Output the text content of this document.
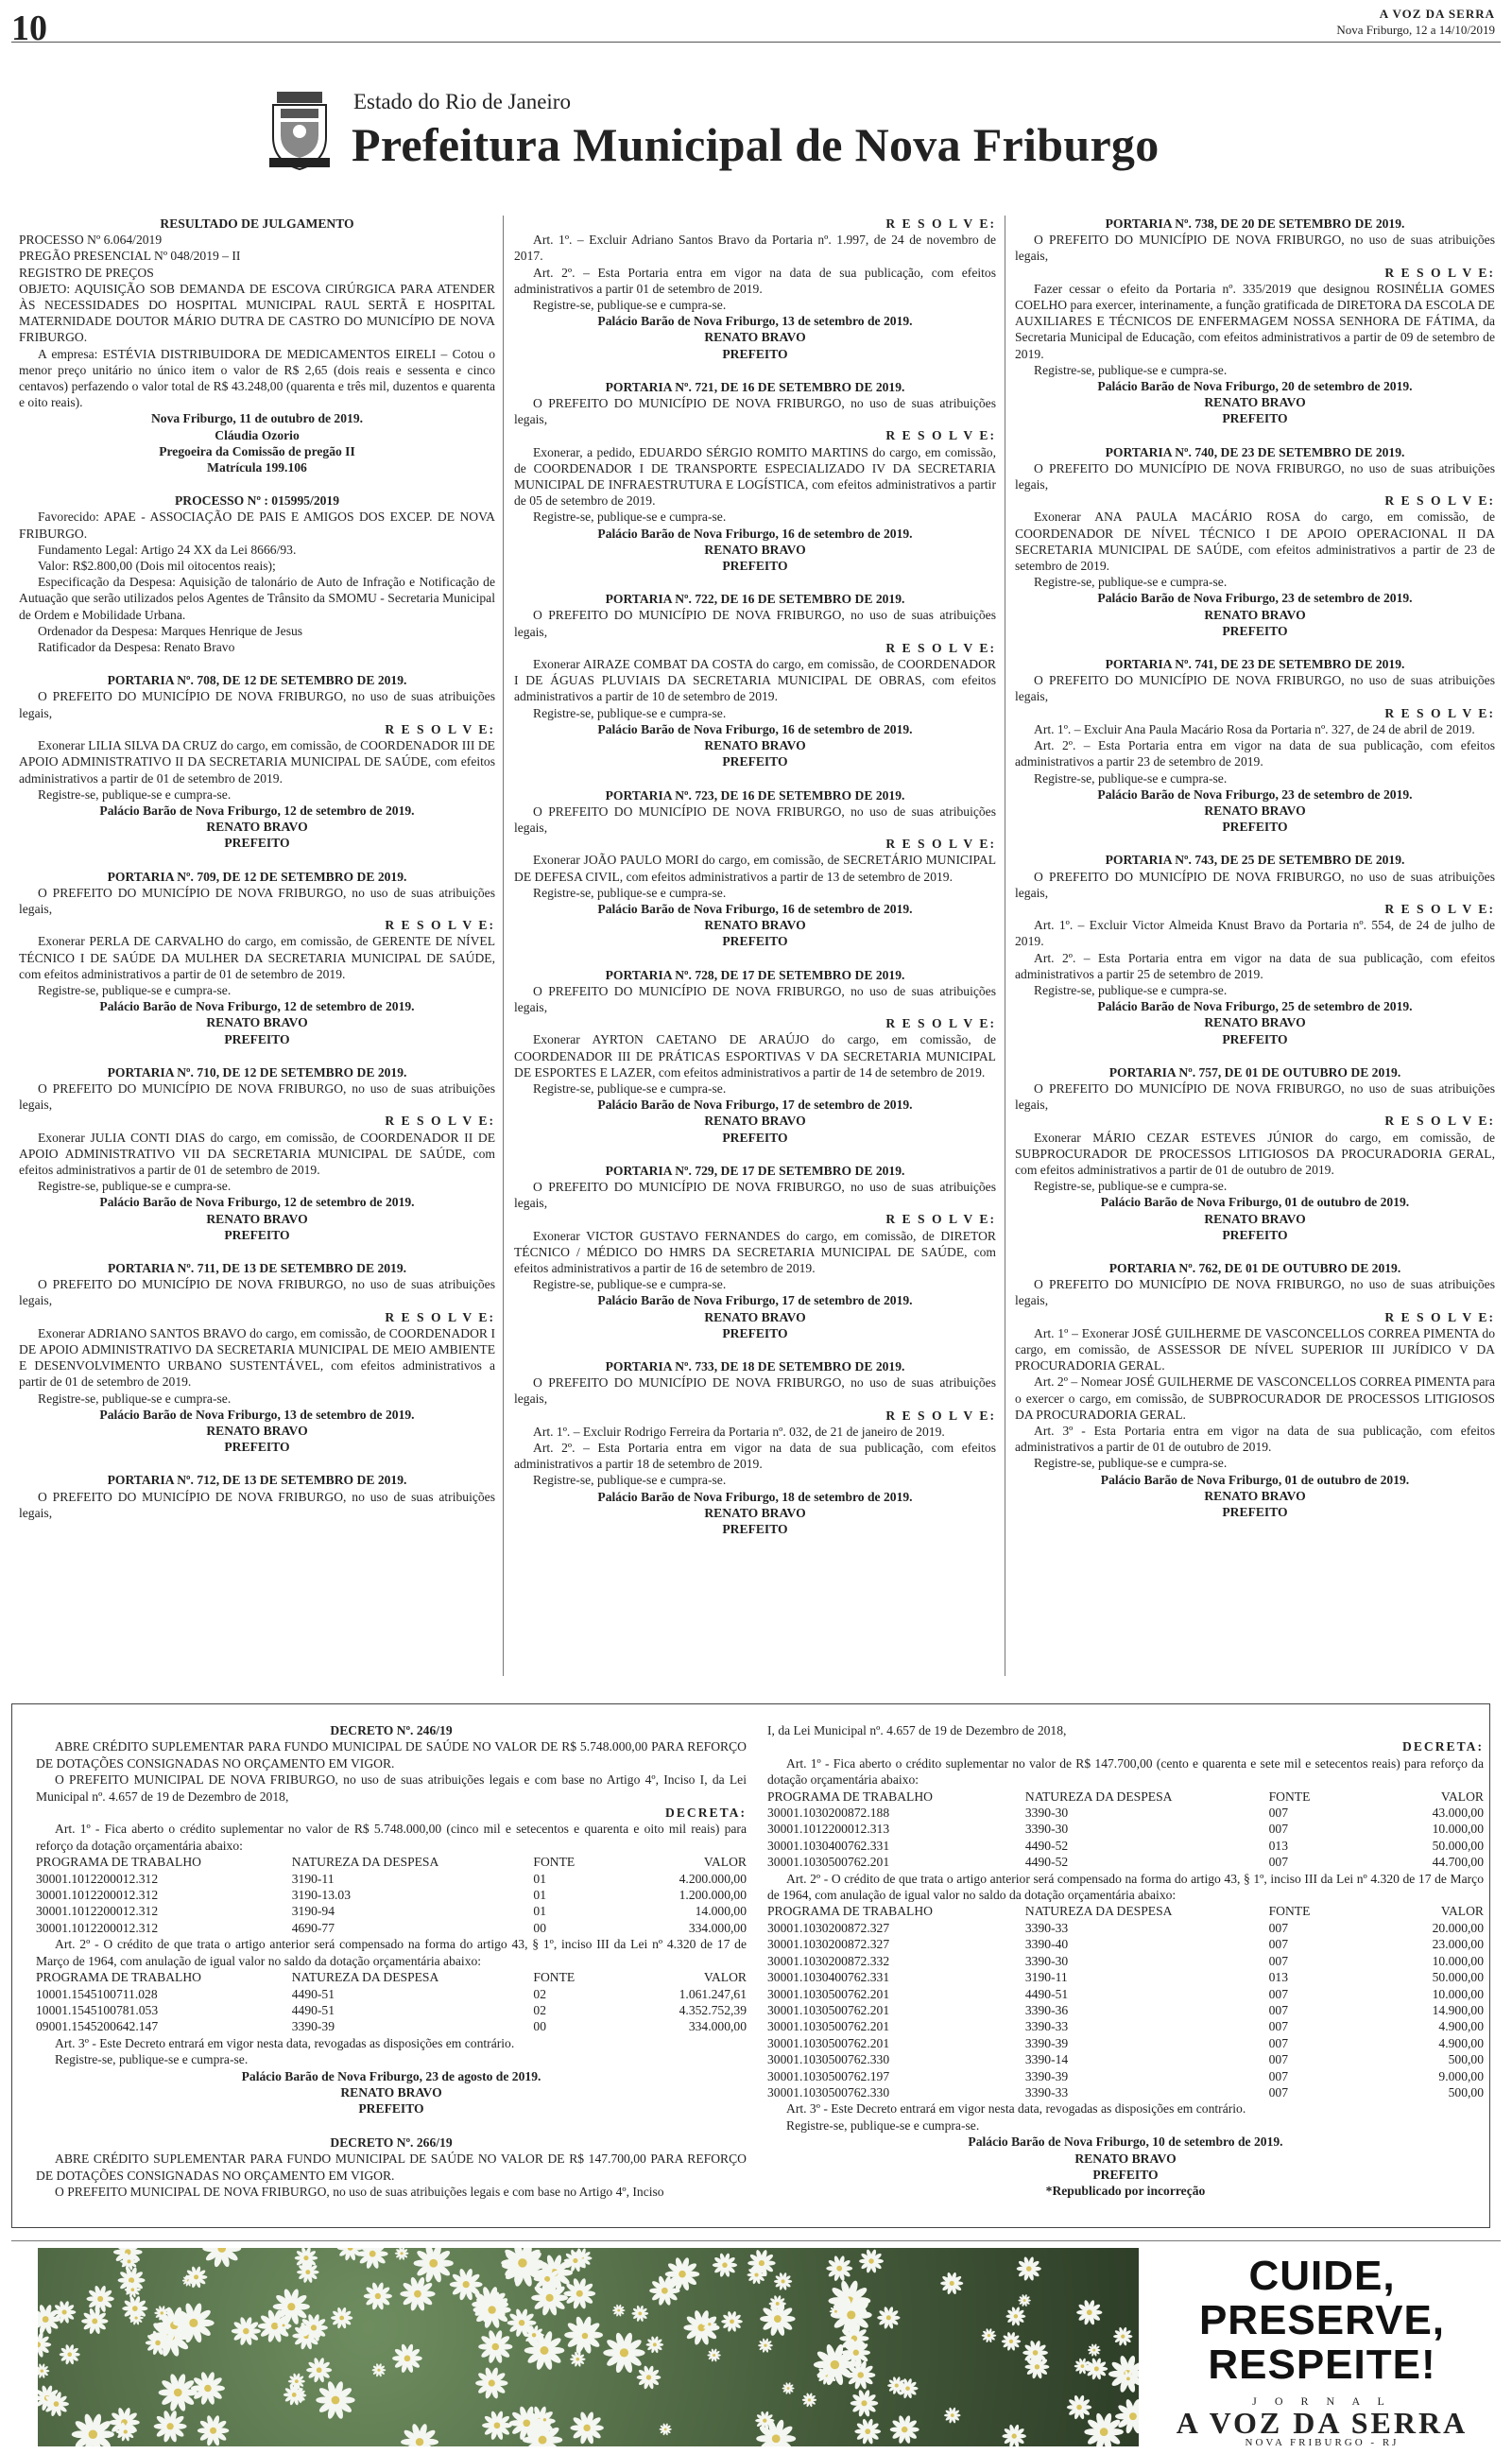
10	A VOZ DA SERRA
Nova Friburgo, 12 a 14/10/2019
Estado do Rio de Janeiro
Prefeitura Municipal de Nova Friburgo

RESULTADO DE JULGAMENTO

PROCESSO Nº 6.064/2019

PREGÃO PRESENCIAL Nº 048/2019 – II

REGISTRO DE PREÇOS

OBJETO: AQUISIÇÃO SOB DEMANDA DE ESCOVA CIRÚRGICA PARA ATENDER ÀS NECESSIDADES DO HOSPITAL MUNICIPAL RAUL SERTÃ E HOSPITAL MATERNIDADE DOUTOR MÁRIO DUTRA DE CASTRO DO MUNICÍPIO DE NOVA FRIBURGO.

A empresa: ESTÉVIA DISTRIBUIDORA DE MEDICAMENTOS EIRELI – Cotou o menor preço unitário no único item o valor de R$ 2,65 (dois reais e sessenta e cinco centavos) perfazendo o valor total de R$ 43.248,00 (quarenta e três mil, duzentos e quarenta e oito reais).

Nova Friburgo, 11 de outubro de 2019.

Cláudia Ozorio

Pregoeira da Comissão de pregão II

Matrícula 199.106

PROCESSO Nº : 015995/2019

Favorecido: APAE - ASSOCIAÇÃO DE PAIS E AMIGOS DOS EXCEP. DE NOVA FRIBURGO.

Fundamento Legal: Artigo 24 XX da Lei 8666/93.

Valor: R$2.800,00 (Dois mil oitocentos reais);

Especificação da Despesa: Aquisição de talonário de Auto de Infração e Notificação de Autuação que serão utilizados pelos Agentes de Trânsito da SMOMU - Secretaria Municipal de Ordem e Mobilidade Urbana.

Ordenador da Despesa: Marques Henrique de Jesus

Ratificador da Despesa: Renato Bravo

PORTARIA Nº. 708, DE 12 DE SETEMBRO DE 2019.

O PREFEITO DO MUNICÍPIO DE NOVA FRIBURGO, no uso de suas atribuições legais,

R E S O L V E:

Exonerar LILIA SILVA DA CRUZ do cargo, em comissão, de COORDENADOR III DE APOIO ADMINISTRATIVO II DA SECRETARIA MUNICIPAL DE SAÚDE, com efeitos administrativos a partir de 01 de setembro de 2019.

Registre-se, publique-se e cumpra-se.

Palácio Barão de Nova Friburgo, 12 de setembro de 2019.

RENATO BRAVO

PREFEITO

PORTARIA Nº. 709, DE 12 DE SETEMBRO DE 2019.

O PREFEITO DO MUNICÍPIO DE NOVA FRIBURGO, no uso de suas atribuições legais,

R E S O L V E:

Exonerar PERLA DE CARVALHO do cargo, em comissão, de GERENTE DE NÍVEL TÉCNICO I DE SAÚDE DA MULHER DA SECRETARIA MUNICIPAL DE SAÚDE, com efeitos administrativos a partir de 01 de setembro de 2019.

Registre-se, publique-se e cumpra-se.

Palácio Barão de Nova Friburgo, 12 de setembro de 2019.

RENATO BRAVO

PREFEITO

PORTARIA Nº. 710, DE 12 DE SETEMBRO DE 2019.

O PREFEITO DO MUNICÍPIO DE NOVA FRIBURGO, no uso de suas atribuições legais,

R E S O L V E:

Exonerar JULIA CONTI DIAS do cargo, em comissão, de COORDENADOR II DE APOIO ADMINISTRATIVO VII DA SECRETARIA MUNICIPAL DE SAÚDE, com efeitos administrativos a partir de 01 de setembro de 2019.

Registre-se, publique-se e cumpra-se.

Palácio Barão de Nova Friburgo, 12 de setembro de 2019.

RENATO BRAVO

PREFEITO

PORTARIA Nº. 711, DE 13 DE SETEMBRO DE 2019.

O PREFEITO DO MUNICÍPIO DE NOVA FRIBURGO, no uso de suas atribuições legais,

R E S O L V E:

Exonerar ADRIANO SANTOS BRAVO do cargo, em comissão, de COORDENADOR I DE APOIO ADMINISTRATIVO DA SECRETARIA MUNICIPAL DE MEIO AMBIENTE E DESENVOLVIMENTO URBANO SUSTENTÁVEL, com efeitos administrativos a partir de 01 de setembro de 2019.

Registre-se, publique-se e cumpra-se.

Palácio Barão de Nova Friburgo, 13 de setembro de 2019.

RENATO BRAVO

PREFEITO

PORTARIA Nº. 712, DE 13 DE SETEMBRO DE 2019.

O PREFEITO DO MUNICÍPIO DE NOVA FRIBURGO, no uso de suas atribuições legais,

R E S O L V E:

Art. 1º. – Excluir Adriano Santos Bravo da Portaria nº. 1.997, de 24 de novembro de 2017.

Art. 2º. – Esta Portaria entra em vigor na data de sua publicação, com efeitos administrativos a partir 01 de setembro de 2019.

Registre-se, publique-se e cumpra-se.

Palácio Barão de Nova Friburgo, 13 de setembro de 2019.

RENATO BRAVO

PREFEITO

PORTARIA Nº. 721, DE 16 DE SETEMBRO DE 2019.

O PREFEITO DO MUNICÍPIO DE NOVA FRIBURGO, no uso de suas atribuições legais,

R E S O L V E:

Exonerar, a pedido, EDUARDO SÉRGIO ROMITO MARTINS do cargo, em comissão, de COORDENADOR I DE TRANSPORTE ESPECIALIZADO IV DA SECRETARIA MUNICIPAL DE INFRAESTRUTURA E LOGÍSTICA, com efeitos administrativos a partir de 05 de setembro de 2019.

Registre-se, publique-se e cumpra-se.

Palácio Barão de Nova Friburgo, 16 de setembro de 2019.

RENATO BRAVO

PREFEITO

PORTARIA Nº. 722, DE 16 DE SETEMBRO DE 2019.

O PREFEITO DO MUNICÍPIO DE NOVA FRIBURGO, no uso de suas atribuições legais,

R E S O L V E:

Exonerar AIRAZE COMBAT DA COSTA do cargo, em comissão, de COORDENADOR I DE ÁGUAS PLUVIAIS DA SECRETARIA MUNICIPAL DE OBRAS, com efeitos administrativos a partir de 10 de setembro de 2019.

Registre-se, publique-se e cumpra-se.

Palácio Barão de Nova Friburgo, 16 de setembro de 2019.

RENATO BRAVO

PREFEITO

PORTARIA Nº. 723, DE 16 DE SETEMBRO DE 2019.

O PREFEITO DO MUNICÍPIO DE NOVA FRIBURGO, no uso de suas atribuições legais,

R E S O L V E:

Exonerar JOÃO PAULO MORI do cargo, em comissão, de SECRETÁRIO MUNICIPAL DE DEFESA CIVIL, com efeitos administrativos a partir de 13 de setembro de 2019.

Registre-se, publique-se e cumpra-se.

Palácio Barão de Nova Friburgo, 16 de setembro de 2019.

RENATO BRAVO

PREFEITO

PORTARIA Nº. 728, DE 17 DE SETEMBRO DE 2019.

O PREFEITO DO MUNICÍPIO DE NOVA FRIBURGO, no uso de suas atribuições legais,

R E S O L V E:

Exonerar AYRTON CAETANO DE ARAÚJO do cargo, em comissão, de COORDENADOR III DE PRÁTICAS ESPORTIVAS V DA SECRETARIA MUNICIPAL DE ESPORTES E LAZER, com efeitos administrativos a partir de 14 de setembro de 2019.

Registre-se, publique-se e cumpra-se.

Palácio Barão de Nova Friburgo, 17 de setembro de 2019.

RENATO BRAVO

PREFEITO

PORTARIA Nº. 729, DE 17 DE SETEMBRO DE 2019.

O PREFEITO DO MUNICÍPIO DE NOVA FRIBURGO, no uso de suas atribuições legais,

R E S O L V E:

Exonerar VICTOR GUSTAVO FERNANDES do cargo, em comissão, de DIRETOR TÉCNICO / MÉDICO DO HMRS DA SECRETARIA MUNICIPAL DE SAÚDE, com efeitos administrativos a partir de 16 de setembro de 2019.

Registre-se, publique-se e cumpra-se.

Palácio Barão de Nova Friburgo, 17 de setembro de 2019.

RENATO BRAVO

PREFEITO

PORTARIA Nº. 733, DE 18 DE SETEMBRO DE 2019.

O PREFEITO DO MUNICÍPIO DE NOVA FRIBURGO, no uso de suas atribuições legais,

R E S O L V E:

Art. 1º. – Excluir Rodrigo Ferreira da Portaria nº. 032, de 21 de janeiro de 2019.

Art. 2º. – Esta Portaria entra em vigor na data de sua publicação, com efeitos administrativos a partir 18 de setembro de 2019.

Registre-se, publique-se e cumpra-se.

Palácio Barão de Nova Friburgo, 18 de setembro de 2019.

RENATO BRAVO

PREFEITO

PORTARIA Nº. 738, DE 20 DE SETEMBRO DE 2019.

O PREFEITO DO MUNICÍPIO DE NOVA FRIBURGO, no uso de suas atribuições legais,

R E S O L V E:

Fazer cessar o efeito da Portaria nº. 335/2019 que designou ROSINÉLIA GOMES COELHO para exercer, interinamente, a função gratificada de DIRETORA DA ESCOLA DE AUXILIARES E TÉCNICOS DE ENFERMAGEM NOSSA SENHORA DE FÁTIMA, da Secretaria Municipal de Educação, com efeitos administrativos a partir de 09 de setembro de 2019.

Registre-se, publique-se e cumpra-se.

Palácio Barão de Nova Friburgo, 20 de setembro de 2019.

RENATO BRAVO

PREFEITO

PORTARIA Nº. 740, DE 23 DE SETEMBRO DE 2019.

O PREFEITO DO MUNICÍPIO DE NOVA FRIBURGO, no uso de suas atribuições legais,

R E S O L V E:

Exonerar ANA PAULA MACÁRIO ROSA do cargo, em comissão, de COORDENADOR DE NÍVEL TÉCNICO I DE APOIO OPERACIONAL II DA SECRETARIA MUNICIPAL DE SAÚDE, com efeitos administrativos a partir de 23 de setembro de 2019.

Registre-se, publique-se e cumpra-se.

Palácio Barão de Nova Friburgo, 23 de setembro de 2019.

RENATO BRAVO

PREFEITO

PORTARIA Nº. 741, DE 23 DE SETEMBRO DE 2019.

O PREFEITO DO MUNICÍPIO DE NOVA FRIBURGO, no uso de suas atribuições legais,

R E S O L V E:

Art. 1º. – Excluir Ana Paula Macário Rosa da Portaria nº. 327, de 24 de abril de 2019.

Art. 2º. – Esta Portaria entra em vigor na data de sua publicação, com efeitos administrativos a partir 23 de setembro de 2019.

Registre-se, publique-se e cumpra-se.

Palácio Barão de Nova Friburgo, 23 de setembro de 2019.

RENATO BRAVO

PREFEITO

PORTARIA Nº. 743, DE 25 DE SETEMBRO DE 2019.

O PREFEITO DO MUNICÍPIO DE NOVA FRIBURGO, no uso de suas atribuições legais,

R E S O L V E:

Art. 1º. – Excluir Victor Almeida Knust Bravo da Portaria nº. 554, de 24 de julho de 2019.

Art. 2º. – Esta Portaria entra em vigor na data de sua publicação, com efeitos administrativos a partir 25 de setembro de 2019.

Registre-se, publique-se e cumpra-se.

Palácio Barão de Nova Friburgo, 25 de setembro de 2019.

RENATO BRAVO

PREFEITO

PORTARIA Nº. 757, DE 01 DE OUTUBRO DE 2019.

O PREFEITO DO MUNICÍPIO DE NOVA FRIBURGO, no uso de suas atribuições legais,

R E S O L V E:

Exonerar MÁRIO CEZAR ESTEVES JÚNIOR do cargo, em comissão, de SUBPROCURADOR DE PROCESSOS LITIGIOSOS DA PROCURADORIA GERAL, com efeitos administrativos a partir de 01 de outubro de 2019.

Registre-se, publique-se e cumpra-se.

Palácio Barão de Nova Friburgo, 01 de outubro de 2019.

RENATO BRAVO

PREFEITO

PORTARIA Nº. 762, DE 01 DE OUTUBRO DE 2019.

O PREFEITO DO MUNICÍPIO DE NOVA FRIBURGO, no uso de suas atribuições legais,

R E S O L V E:

Art. 1º – Exonerar JOSÉ GUILHERME DE VASCONCELLOS CORREA PIMENTA do cargo, em comissão, de ASSESSOR DE NÍVEL SUPERIOR III JURÍDICO V DA PROCURADORIA GERAL.

Art. 2º – Nomear JOSÉ GUILHERME DE VASCONCELLOS CORREA PIMENTA para o exercer o cargo, em comissão, de SUBPROCURADOR DE PROCESSOS LITIGIOSOS DA PROCURADORIA GERAL.

Art. 3º - Esta Portaria entra em vigor na data de sua publicação, com efeitos administrativos a partir de 01 de outubro de 2019.

Registre-se, publique-se e cumpra-se.

Palácio Barão de Nova Friburgo, 01 de outubro de 2019.

RENATO BRAVO

PREFEITO

DECRETO Nº. 246/19

ABRE CRÉDITO SUPLEMENTAR PARA FUNDO MUNICIPAL DE SAÚDE NO VALOR DE R$ 5.748.000,00 PARA REFORÇO DE DOTAÇÕES CONSIGNADAS NO ORÇAMENTO EM VIGOR.

O PREFEITO MUNICIPAL DE NOVA FRIBURGO, no uso de suas atribuições legais e com base no Artigo 4º, Inciso I, da Lei Municipal nº. 4.657 de 19 de Dezembro de 2018,

DECRETA:

Art. 1º - Fica aberto o crédito suplementar no valor de R$ 5.748.000,00 (cinco mil e setecentos e quarenta e oito mil reais) para reforço da dotação orçamentária abaixo:

PROGRAMA DE TRABALHO	NATUREZA DA DESPESA	FONTE	VALOR
30001.1012200012.312	3190-11	01	4.200.000,00
30001.1012200012.312	3190-13.03	01	1.200.000,00
30001.1012200012.312	3190-94	01	14.000,00
30001.1012200012.312	4690-77	00	334.000,00

Art. 2º - O crédito de que trata o artigo anterior será compensado na forma do artigo 43, § 1º, inciso III da Lei nº 4.320 de 17 de Março de 1964, com anulação de igual valor no saldo da dotação orçamentária abaixo:

PROGRAMA DE TRABALHO	NATUREZA DA DESPESA	FONTE	VALOR
10001.1545100711.028	4490-51	02	1.061.247,61
10001.1545100781.053	4490-51	02	4.352.752,39
09001.1545200642.147	3390-39	00	334.000,00

Art. 3º - Este Decreto entrará em vigor nesta data, revogadas as disposições em contrário.

Registre-se, publique-se e cumpra-se.

Palácio Barão de Nova Friburgo, 23 de agosto de 2019.

RENATO BRAVO

PREFEITO

DECRETO Nº. 266/19

ABRE CRÉDITO SUPLEMENTAR PARA FUNDO MUNICIPAL DE SAÚDE NO VALOR DE R$ 147.700,00 PARA REFORÇO DE DOTAÇÕES CONSIGNADAS NO ORÇAMENTO EM VIGOR.

O PREFEITO MUNICIPAL DE NOVA FRIBURGO, no uso de suas atribuições legais e com base no Artigo 4º, Inciso

I, da Lei Municipal nº. 4.657 de 19 de Dezembro de 2018,

DECRETA:

Art. 1º - Fica aberto o crédito suplementar no valor de R$ 147.700,00 (cento e quarenta e sete mil e setecentos reais) para reforço da dotação orçamentária abaixo:

PROGRAMA DE TRABALHO	NATUREZA DA DESPESA	FONTE	VALOR
30001.1030200872.188	3390-30	007	43.000,00
30001.1012200012.313	3390-30	007	10.000,00
30001.1030400762.331	4490-52	013	50.000,00
30001.1030500762.201	4490-52	007	44.700,00

Art. 2º - O crédito de que trata o artigo anterior será compensado na forma do artigo 43, § 1º, inciso III da Lei nº 4.320 de 17 de Março de 1964, com anulação de igual valor no saldo da dotação orçamentária abaixo:

PROGRAMA DE TRABALHO	NATUREZA DA DESPESA	FONTE	VALOR
30001.1030200872.327	3390-33	007	20.000,00
30001.1030200872.327	3390-40	007	23.000,00
30001.1030200872.332	3390-30	007	10.000,00
30001.1030400762.331	3190-11	013	50.000,00
30001.1030500762.201	4490-51	007	10.000,00
30001.1030500762.201	3390-36	007	14.900,00
30001.1030500762.201	3390-33	007	4.900,00
30001.1030500762.201	3390-39	007	4.900,00
30001.1030500762.330	3390-14	007	500,00
30001.1030500762.197	3390-39	007	9.000,00
30001.1030500762.330	3390-33	007	500,00

Art. 3º - Este Decreto entrará em vigor nesta data, revogadas as disposições em contrário.

Registre-se, publique-se e cumpra-se.

Palácio Barão de Nova Friburgo, 10 de setembro de 2019.

RENATO BRAVO

PREFEITO

*Republicado por incorreção

CUIDE,
PRESERVE,
RESPEITE!
J O R N A L
A VOZ DA SERRA
NOVA FRIBURGO - RJ
